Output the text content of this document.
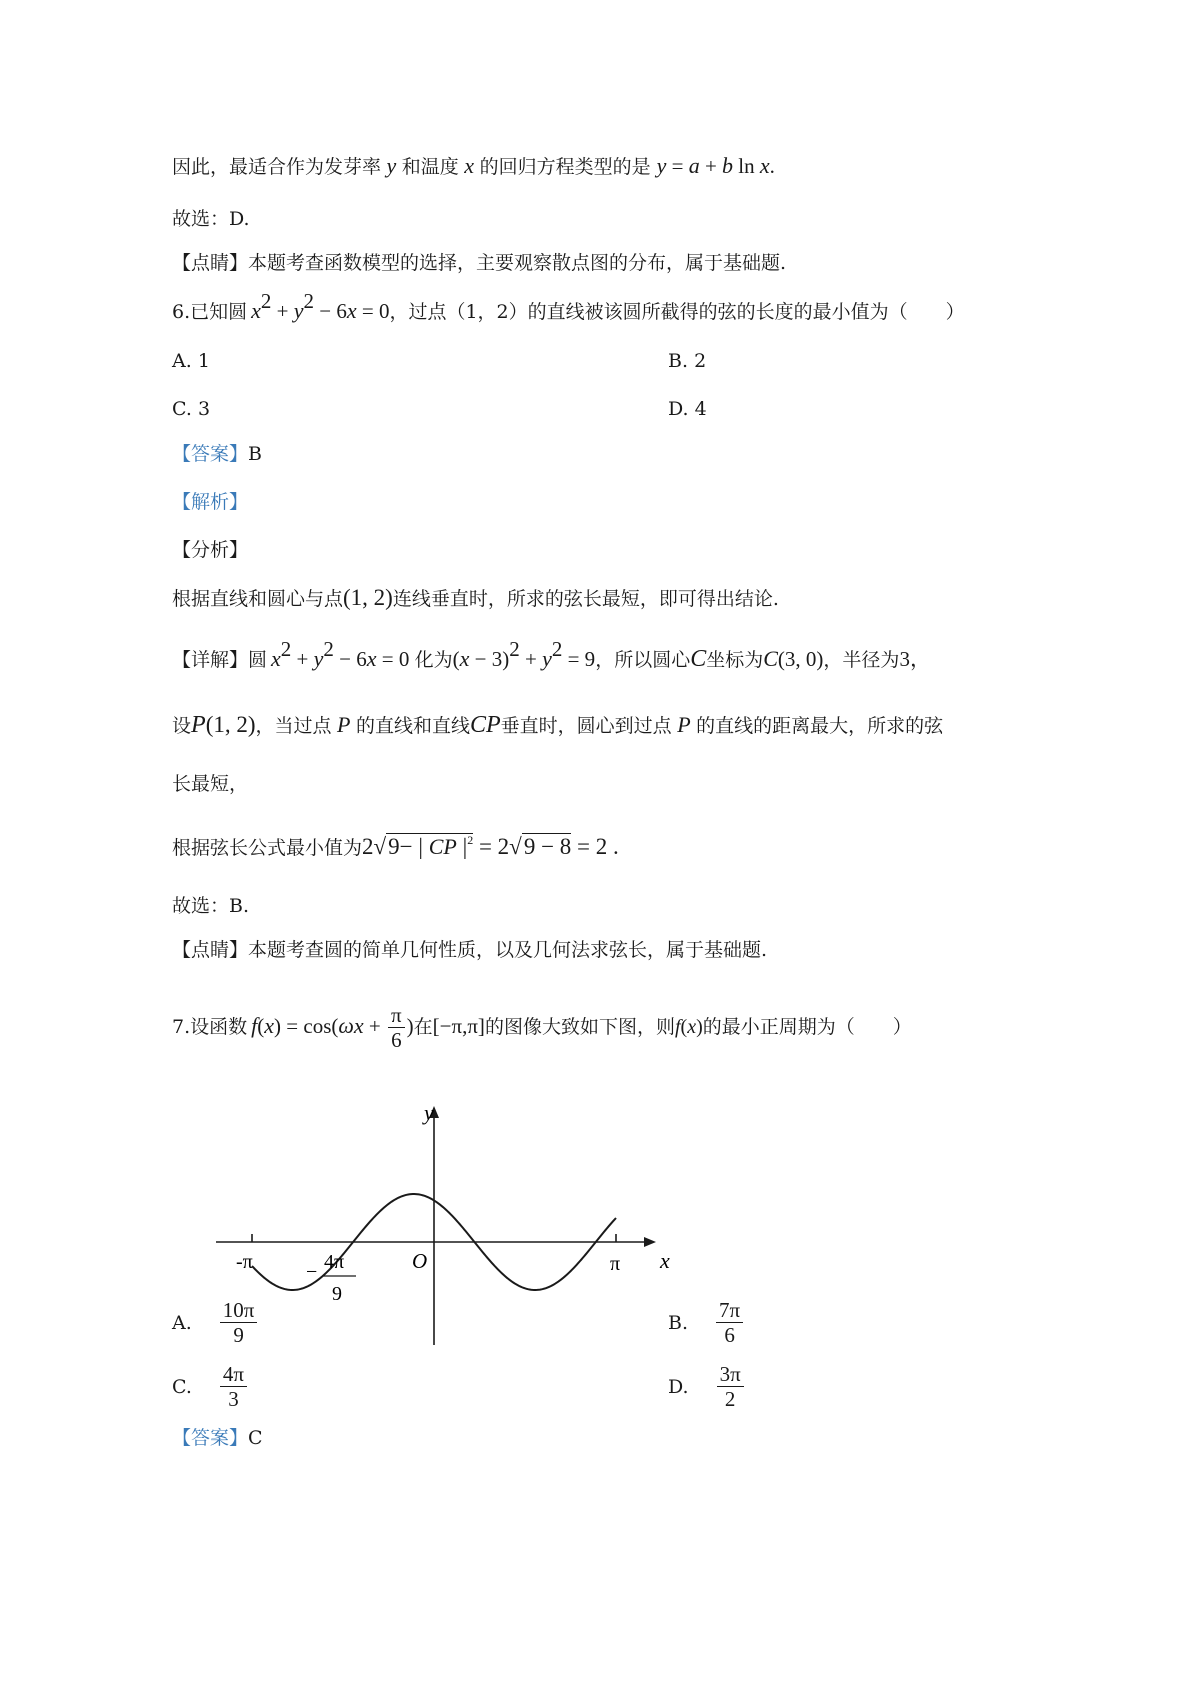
因此，最适合作为发芽率 y 和温度 x 的回归方程类型的是 y = a + b ln x.
故选：D.
【点睛】本题考查函数模型的选择，主要观察散点图的分布，属于基础题.
6.已知圆 $x^2 + y^2 - 6x = 0$，过点（1，2）的直线被该圆所截得的弦的长度的最小值为（　　）
A. 1	B. 2
C. 3	D. 4
【答案】B
【解析】
【分析】
根据直线和圆心与点(1, 2)连线垂直时，所求的弦长最短，即可得出结论.
【详解】圆 $x^2 + y^2 - 6x = 0$ 化为$(x - 3)^2 + y^2 = 9$，所以圆心C坐标为C(3, 0)，半径为3，
设P(1, 2)，当过点 P 的直线和直线CP垂直时，圆心到过点 P 的直线的距离最大，所求的弦
长最短，
根据弦长公式最小值为2√9− | CP $|^2 = 2√9 - 8 = 2$ .
故选：B.
【点睛】本题考查圆的简单几何性质，以及几何法求弦长，属于基础题.
7.设函数 $f(x) = \cos(\omega x + \frac{\pi}{6}$ )在[−π,π]的图像大致如下图，则f(x)的最小正周期为（　　）
y
x
O
-π	π
− 4π
9
A. $\frac{10\pi}{9}$	B. $\frac{7\pi}{6}$
C. $\frac{4\pi}{3}$	D. $\frac{3\pi}{2}$
【答案】C
